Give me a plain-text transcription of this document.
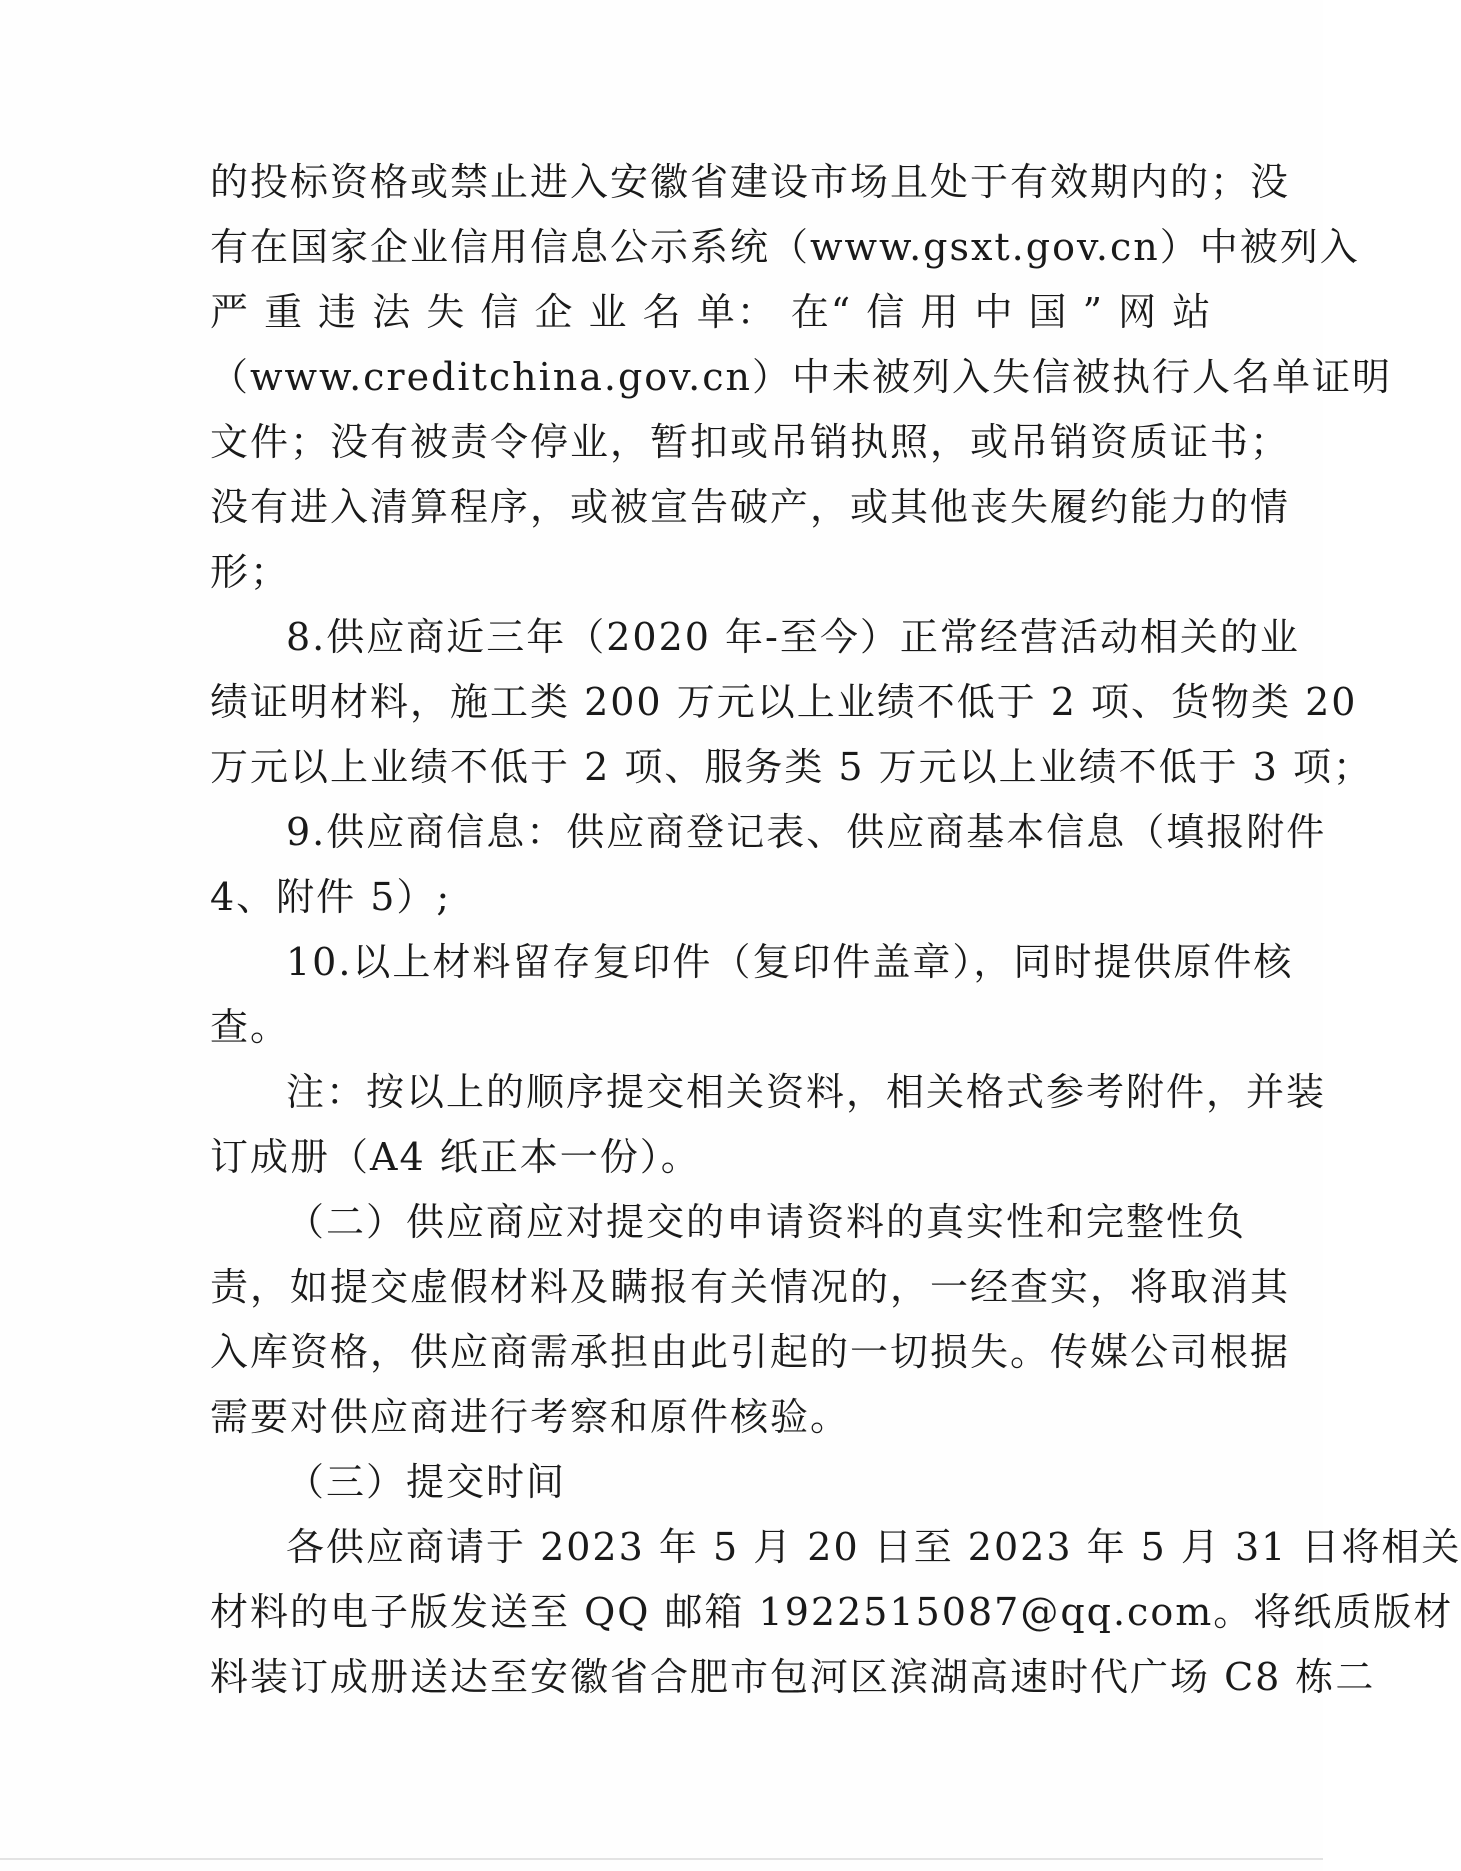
的投标资格或禁止进入安徽省建设市场且处于有效期内的；没
有在国家企业信用信息公示系统（www.gsxt.gov.cn）中被列入
严 重 违 法 失 信 企 业 名 单： 在“ 信 用 中 国 ” 网 站
（www.creditchina.gov.cn）中未被列入失信被执行人名单证明
文件；没有被责令停业，暂扣或吊销执照，或吊销资质证书；
没有进入清算程序，或被宣告破产，或其他丧失履约能力的情
形；
8.供应商近三年（2020 年-至今）正常经营活动相关的业
绩证明材料，施工类 200 万元以上业绩不低于 2 项、货物类 20
万元以上业绩不低于 2 项、服务类 5 万元以上业绩不低于 3 项；
9.供应商信息：供应商登记表、供应商基本信息（填报附件
4、附件 5）;
10.以上材料留存复印件（复印件盖章），同时提供原件核
查。
注：按以上的顺序提交相关资料，相关格式参考附件，并装
订成册（A4 纸正本一份）。
（二）供应商应对提交的申请资料的真实性和完整性负
责，如提交虚假材料及瞒报有关情况的，一经查实，将取消其
入库资格，供应商需承担由此引起的一切损失。传媒公司根据
需要对供应商进行考察和原件核验。
（三）提交时间
各供应商请于 2023 年 5 月 20 日至 2023 年 5 月 31 日将相关
材料的电子版发送至 QQ 邮箱 1922515087@qq.com。将纸质版材
料装订成册送达至安徽省合肥市包河区滨湖高速时代广场 C8 栋二
